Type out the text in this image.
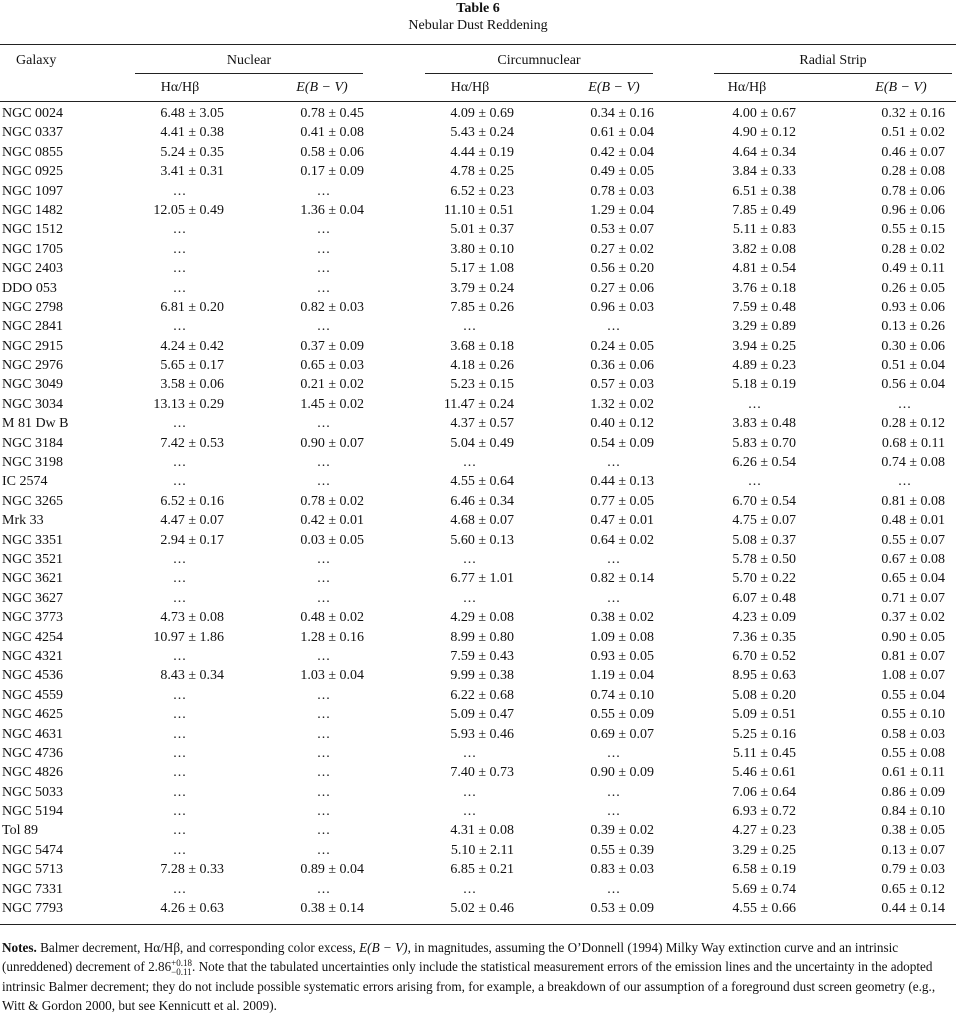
Table 6
Nebular Dust Reddening
Galaxy	Nuclear	Circumnuclear	Radial Strip
Hα/Hβ	E(B − V)	Hα/Hβ	E(B − V)	Hα/Hβ	E(B − V)
NGC 0024	6.48 ± 3.05	0.78 ± 0.45	4.09 ± 0.69	0.34 ± 0.16	4.00 ± 0.67	0.32 ± 0.16
NGC 0337	4.41 ± 0.38	0.41 ± 0.08	5.43 ± 0.24	0.61 ± 0.04	4.90 ± 0.12	0.51 ± 0.02
NGC 0855	5.24 ± 0.35	0.58 ± 0.06	4.44 ± 0.19	0.42 ± 0.04	4.64 ± 0.34	0.46 ± 0.07
NGC 0925	3.41 ± 0.31	0.17 ± 0.09	4.78 ± 0.25	0.49 ± 0.05	3.84 ± 0.33	0.28 ± 0.08
NGC 1097	...	...	6.52 ± 0.23	0.78 ± 0.03	6.51 ± 0.38	0.78 ± 0.06
NGC 1482	12.05 ± 0.49	1.36 ± 0.04	11.10 ± 0.51	1.29 ± 0.04	7.85 ± 0.49	0.96 ± 0.06
NGC 1512	...	...	5.01 ± 0.37	0.53 ± 0.07	5.11 ± 0.83	0.55 ± 0.15
NGC 1705	...	...	3.80 ± 0.10	0.27 ± 0.02	3.82 ± 0.08	0.28 ± 0.02
NGC 2403	...	...	5.17 ± 1.08	0.56 ± 0.20	4.81 ± 0.54	0.49 ± 0.11
DDO 053	...	...	3.79 ± 0.24	0.27 ± 0.06	3.76 ± 0.18	0.26 ± 0.05
NGC 2798	6.81 ± 0.20	0.82 ± 0.03	7.85 ± 0.26	0.96 ± 0.03	7.59 ± 0.48	0.93 ± 0.06
NGC 2841	...	...	...	...	3.29 ± 0.89	0.13 ± 0.26
NGC 2915	4.24 ± 0.42	0.37 ± 0.09	3.68 ± 0.18	0.24 ± 0.05	3.94 ± 0.25	0.30 ± 0.06
NGC 2976	5.65 ± 0.17	0.65 ± 0.03	4.18 ± 0.26	0.36 ± 0.06	4.89 ± 0.23	0.51 ± 0.04
NGC 3049	3.58 ± 0.06	0.21 ± 0.02	5.23 ± 0.15	0.57 ± 0.03	5.18 ± 0.19	0.56 ± 0.04
NGC 3034	13.13 ± 0.29	1.45 ± 0.02	11.47 ± 0.24	1.32 ± 0.02	...	...
M 81 Dw B	...	...	4.37 ± 0.57	0.40 ± 0.12	3.83 ± 0.48	0.28 ± 0.12
NGC 3184	7.42 ± 0.53	0.90 ± 0.07	5.04 ± 0.49	0.54 ± 0.09	5.83 ± 0.70	0.68 ± 0.11
NGC 3198	...	...	...	...	6.26 ± 0.54	0.74 ± 0.08
IC 2574	...	...	4.55 ± 0.64	0.44 ± 0.13	...	...
NGC 3265	6.52 ± 0.16	0.78 ± 0.02	6.46 ± 0.34	0.77 ± 0.05	6.70 ± 0.54	0.81 ± 0.08
Mrk 33	4.47 ± 0.07	0.42 ± 0.01	4.68 ± 0.07	0.47 ± 0.01	4.75 ± 0.07	0.48 ± 0.01
NGC 3351	2.94 ± 0.17	0.03 ± 0.05	5.60 ± 0.13	0.64 ± 0.02	5.08 ± 0.37	0.55 ± 0.07
NGC 3521	...	...	...	...	5.78 ± 0.50	0.67 ± 0.08
NGC 3621	...	...	6.77 ± 1.01	0.82 ± 0.14	5.70 ± 0.22	0.65 ± 0.04
NGC 3627	...	...	...	...	6.07 ± 0.48	0.71 ± 0.07
NGC 3773	4.73 ± 0.08	0.48 ± 0.02	4.29 ± 0.08	0.38 ± 0.02	4.23 ± 0.09	0.37 ± 0.02
NGC 4254	10.97 ± 1.86	1.28 ± 0.16	8.99 ± 0.80	1.09 ± 0.08	7.36 ± 0.35	0.90 ± 0.05
NGC 4321	...	...	7.59 ± 0.43	0.93 ± 0.05	6.70 ± 0.52	0.81 ± 0.07
NGC 4536	8.43 ± 0.34	1.03 ± 0.04	9.99 ± 0.38	1.19 ± 0.04	8.95 ± 0.63	1.08 ± 0.07
NGC 4559	...	...	6.22 ± 0.68	0.74 ± 0.10	5.08 ± 0.20	0.55 ± 0.04
NGC 4625	...	...	5.09 ± 0.47	0.55 ± 0.09	5.09 ± 0.51	0.55 ± 0.10
NGC 4631	...	...	5.93 ± 0.46	0.69 ± 0.07	5.25 ± 0.16	0.58 ± 0.03
NGC 4736	...	...	...	...	5.11 ± 0.45	0.55 ± 0.08
NGC 4826	...	...	7.40 ± 0.73	0.90 ± 0.09	5.46 ± 0.61	0.61 ± 0.11
NGC 5033	...	...	...	...	7.06 ± 0.64	0.86 ± 0.09
NGC 5194	...	...	...	...	6.93 ± 0.72	0.84 ± 0.10
Tol 89	...	...	4.31 ± 0.08	0.39 ± 0.02	4.27 ± 0.23	0.38 ± 0.05
NGC 5474	...	...	5.10 ± 2.11	0.55 ± 0.39	3.29 ± 0.25	0.13 ± 0.07
NGC 5713	7.28 ± 0.33	0.89 ± 0.04	6.85 ± 0.21	0.83 ± 0.03	6.58 ± 0.19	0.79 ± 0.03
NGC 7331	...	...	...	...	5.69 ± 0.74	0.65 ± 0.12
NGC 7793	4.26 ± 0.63	0.38 ± 0.14	5.02 ± 0.46	0.53 ± 0.09	4.55 ± 0.66	0.44 ± 0.14
Notes. Balmer decrement, Hα/Hβ, and corresponding color excess, E(B − V), in magnitudes, assuming the O’Donnell (1994) Milky Way extinction curve and an intrinsic (unreddened) decrement of 2.86 +0.18
−0.11 . Note that the tabulated uncertainties only include the statistical measurement errors of the emission lines and the uncertainty in the adopted intrinsic Balmer decrement; they do not include possible systematic errors arising from, for example, a breakdown of our assumption of a foreground dust screen geometry (e.g., Witt & Gordon 2000, but see Kennicutt et al. 2009).
